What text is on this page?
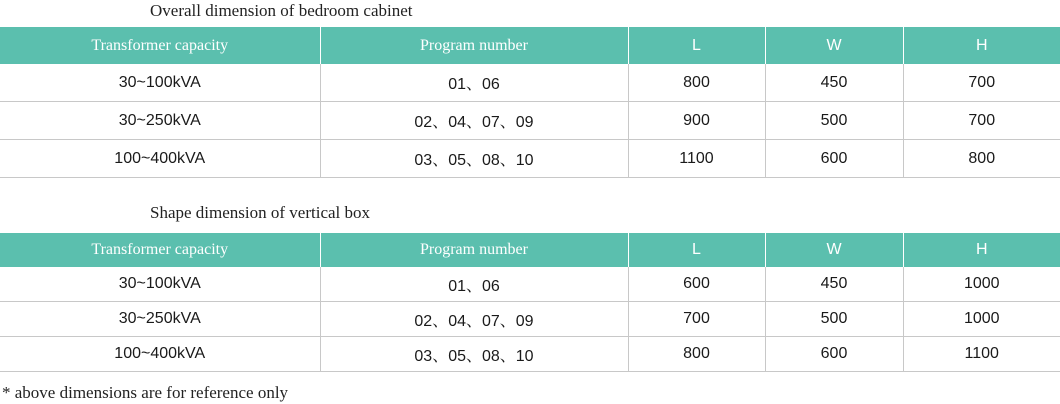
Overall dimension of bedroom cabinet
Transformer capacity	Program number	L	W	H
30~100kVA	01、06	800	450	700
30~250kVA	02、04、07、09	900	500	700
100~400kVA	03、05、08、10	1100	600	800
Shape dimension of vertical box
Transformer capacity	Program number	L	W	H
30~100kVA	01、06	600	450	1000
30~250kVA	02、04、07、09	700	500	1000
100~400kVA	03、05、08、10	800	600	1100
* above dimensions are for reference only
